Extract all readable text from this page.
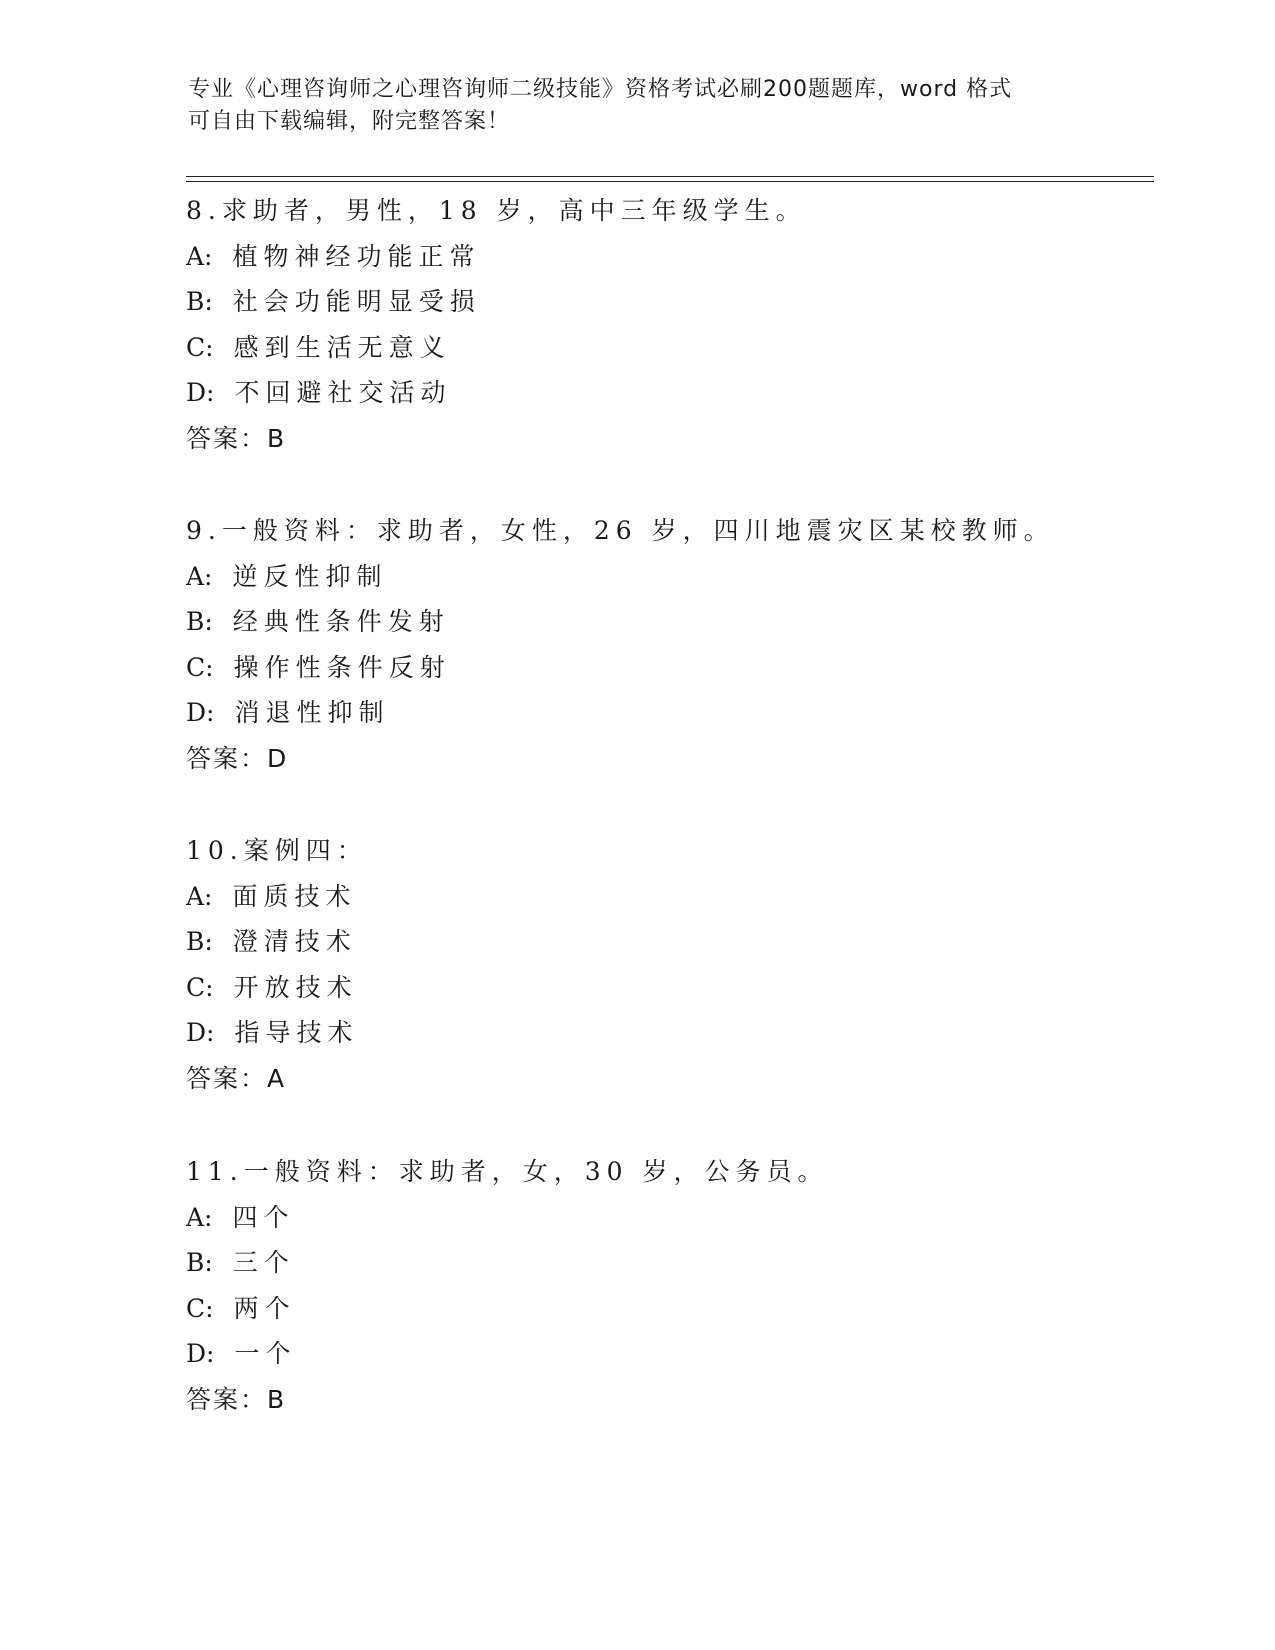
专业《心理咨询师之心理咨询师二级技能》资格考试必刷200题题库，word 格式
可自由下载编辑，附完整答案！
8.求助者，男性，18 岁，高中三年级学生。
A: 植物神经功能正常
B: 社会功能明显受损
C: 感到生活无意义
D: 不回避社交活动
答案：B
9.一般资料：求助者，女性，26 岁，四川地震灾区某校教师。
A: 逆反性抑制
B: 经典性条件发射
C: 操作性条件反射
D: 消退性抑制
答案：D
10.案例四：
A: 面质技术
B: 澄清技术
C: 开放技术
D: 指导技术
答案：A
11.一般资料：求助者，女，30 岁，公务员。
A: 四个
B: 三个
C: 两个
D: 一个
答案：B
